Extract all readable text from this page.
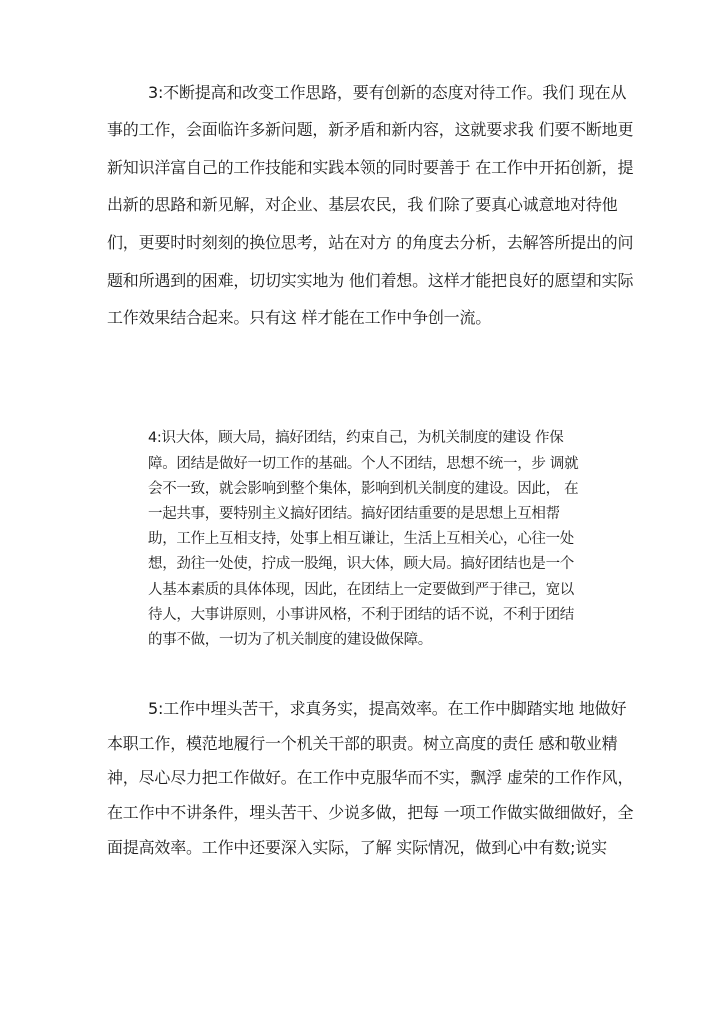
3:不断提高和改变工作思路，要有创新的态度对待工作。我们 现在从

事的工作，会面临许多新问题，新矛盾和新内容，这就要求我 们要不断地更

新知识洋富自己的工作技能和实践本领的同时要善于 在工作中开拓创新，提

出新的思路和新见解，对企业、基层农民，我 们除了要真心诚意地对待他

们，更要时时刻刻的换位思考，站在对方 的角度去分析，去解答所提出的问

题和所遇到的困难，切切实实地为 他们着想。这样才能把良好的愿望和实际

工作效果结合起来。只有这 样才能在工作中争创一流。

4:识大体，顾大局，搞好团结，约束自己，为机关制度的建设 作保

障。团结是做好一切工作的基础。个人不团结，思想不统一，步 调就

会不一致，就会影响到整个集体，影响到机关制度的建设。因此， 在

一起共事，要特别主义搞好团结。搞好团结重要的是思想上互相帮

助，工作上互相支持，处事上相互谦让，生活上互相关心，心往一处

想，劲往一处使，拧成一股绳，识大体，顾大局。搞好团结也是一个

人基本素质的具体体现，因此，在团结上一定要做到严于律己，宽以

待人，大事讲原则，小事讲风格，不利于团结的话不说，不利于团结

的事不做，一切为了机关制度的建设做保障。

5:工作中埋头苦干，求真务实，提高效率。在工作中脚踏实地 地做好

本职工作，模范地履行一个机关干部的职责。树立高度的责任 感和敬业精

神，尽心尽力把工作做好。在工作中克服华而不实，飘浮 虚荣的工作作风，

在工作中不讲条件，埋头苦干、少说多做，把每 一项工作做实做细做好，全

面提高效率。工作中还要深入实际，了解 实际情况，做到心中有数;说实
